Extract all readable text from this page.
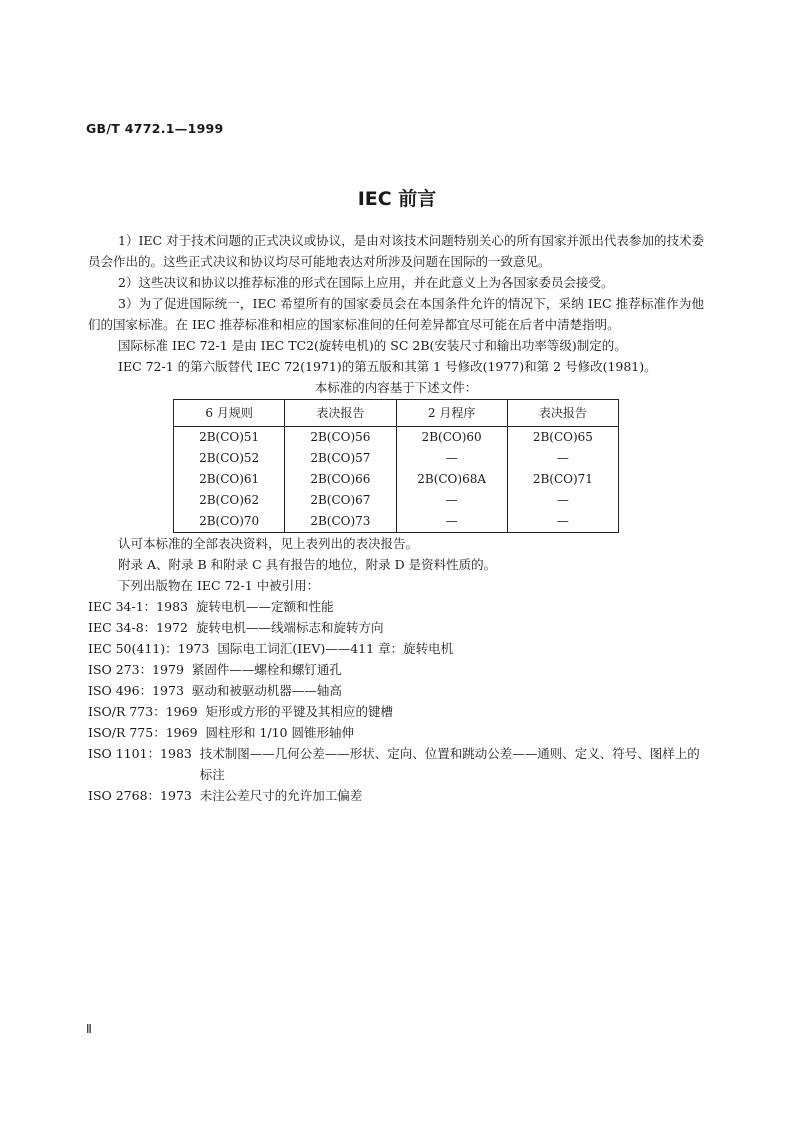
GB/T 4772.1—1999
IEC 前言

1）IEC 对于技术问题的正式决议或协议，是由对该技术问题特别关心的所有国家并派出代表参加的技术委员会作出的。这些正式决议和协议均尽可能地表达对所涉及问题在国际的一致意见。

2）这些决议和协议以推荐标准的形式在国际上应用，并在此意义上为各国家委员会接受。

3）为了促进国际统一，IEC 希望所有的国家委员会在本国条件允许的情况下，采纳 IEC 推荐标准作为他们的国家标准。在 IEC 推荐标准和相应的国家标准间的任何差异都宜尽可能在后者中清楚指明。

国际标准 IEC 72-1 是由 IEC TC2(旋转电机)的 SC 2B(安装尺寸和输出功率等级)制定的。

IEC 72-1 的第六版替代 IEC 72(1971)的第五版和其第 1 号修改(1977)和第 2 号修改(1981)。

本标准的内容基于下述文件：

6 月规则	表决报告	2 月程序	表决报告
2B(CO)51	2B(CO)56	2B(CO)60	2B(CO)65
2B(CO)52	2B(CO)57	—	—
2B(CO)61	2B(CO)66	2B(CO)68A	2B(CO)71
2B(CO)62	2B(CO)67	—	—
2B(CO)70	2B(CO)73	—	—

认可本标准的全部表决资料，见上表列出的表决报告。

附录 A、附录 B 和附录 C 具有报告的地位，附录 D 是资料性质的。

下列出版物在 IEC 72-1 中被引用：

IEC 34-1：1983 旋转电机——定额和性能
IEC 34-8：1972 旋转电机——线端标志和旋转方向
IEC 50(411)：1973 国际电工词汇(IEV)——411 章：旋转电机
ISO 273：1979 紧固件——螺栓和螺钉通孔
ISO 496：1973 驱动和被驱动机器——轴高
ISO/R 773：1969 矩形或方形的平键及其相应的键槽
ISO/R 775：1969 圆柱形和 1/10 圆锥形轴伸
ISO 1101：1983 技术制图——几何公差——形状、定向、位置和跳动公差——通则、定义、符号、图样上的标注
ISO 2768：1973 未注公差尺寸的允许加工偏差
Ⅱ
